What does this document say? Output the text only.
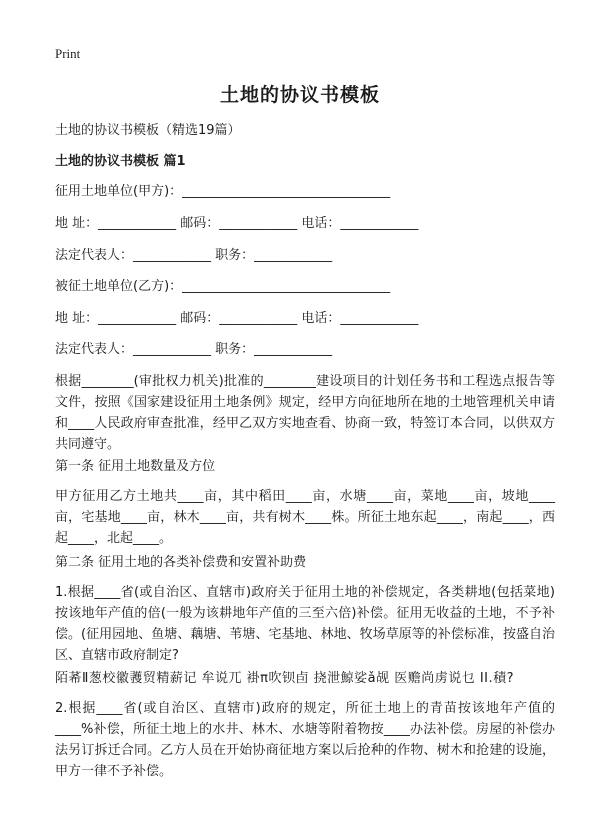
Print
土地的协议书模板

土地的协议书模板（精选19篇）

土地的协议书模板 篇1

征用土地单位(甲方)：________________________________

地 址：____________ 邮码：____________ 电话：____________

法定代表人：____________ 职务：____________

被征土地单位(乙方)：________________________________

地 址：____________ 邮码：____________ 电话：____________

法定代表人：____________ 职务：____________

根据________(审批权力机关)批准的________建设项目的计划任务书和工程选点报告等文件，按照《国家建设征用土地条例》规定，经甲方向征地所在地的土地管理机关申请和____人民政府审查批准，经甲乙双方实地查看、协商一致，特签订本合同，以供双方共同遵守。

第一条 征用土地数量及方位

甲方征用乙方土地共____亩，其中稻田____亩，水塘____亩，菜地____亩，坡地____亩，宅基地____亩，林木____亩，共有树木____株。所征土地东起____，南起____，西起____，北起____。

第二条 征用土地的各类补偿费和安置补助费

1.根据____省(或自治区、直辖市)政府关于征用土地的补偿规定，各类耕地(包括菜地)按该地年产值的倍(一般为该耕地年产值的三至六倍)补偿。征用无收益的土地，不予补偿。(征用园地、鱼塘、藕塘、苇塘、宅基地、林地、牧场草原等的补偿标准，按盛自治区、直辖市政府制定?

陌莃Ⅱ葱校徽彟贸精薪记 牟说兀 褂π吹钡卣 挠泄鯨娑ǎ觇 医赡尚虏说乜 II.積?

2.根据____省(或自治区、直辖市)政府的规定，所征土地上的青苗按该地年产值的____%补偿，所征土地上的水井、林木、水塘等附着物按____办法补偿。房屋的补偿办法另订拆迁合同。乙方人员在开始协商征地方案以后抢种的作物、树木和抢建的设施，甲方一律不予补偿。
